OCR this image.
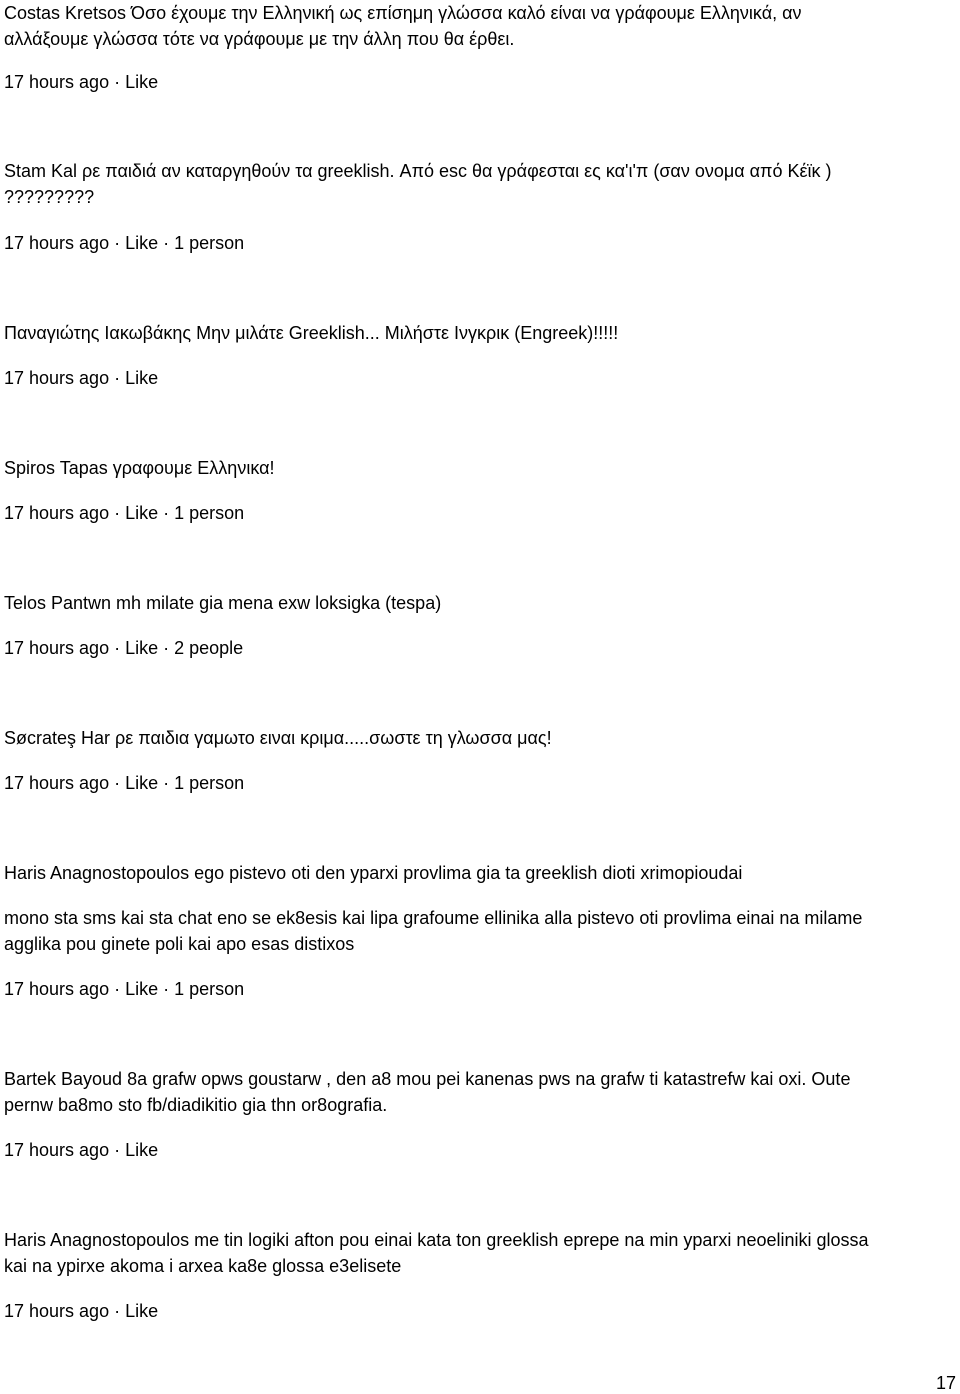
Costas Kretsos Όσο έχουμε την Ελληνική ως επίσημη γλώσσα καλό είναι να γράφουμε Ελληνικά, αν
αλλάξουμε γλώσσα τότε να γράφουμε με την άλλη που θα έρθει.
17 hours ago · Like
Stam Kal ρε παιδιά αν καταργηθούν τα greeklish. Από esc θα γράφεσται ες κα'ι'π (σαν ονομα από Κέϊκ )
?????????
17 hours ago · Like · 1 person
Παναγιώτης Ιακωβάκης Μην μιλάτε Greeklish... Μιλήστε Ινγκρικ (Engreek)!!!!!
17 hours ago · Like
Spiros Tapas γραφουμε Ελληνικα!
17 hours ago · Like · 1 person
Telos Pantwn mh milate gia mena exw loksigka (tespa)
17 hours ago · Like · 2 people
Søcrateş Har ρε παιδια γαμωτο ειναι κριμα.....σωστε τη γλωσσα μας!
17 hours ago · Like · 1 person
Haris Anagnostopoulos ego pistevo oti den yparxi provlima gia ta greeklish dioti xrimopioudai
mono sta sms kai sta chat eno se ek8esis kai lipa grafoume ellinika alla pistevo oti provlima einai na milame
agglika pou ginete poli kai apo esas distixos
17 hours ago · Like · 1 person
Bartek Bayoud 8a grafw opws goustarw , den a8 mou pei kanenas pws na grafw ti katastrefw kai oxi. Oute
pernw ba8mo sto fb/diadikitio gia thn or8ografia.
17 hours ago · Like
Haris Anagnostopoulos me tin logiki afton pou einai kata ton greeklish eprepe na min yparxi neoeliniki glossa
kai na ypirxe akoma i arxea ka8e glossa e3elisete
17 hours ago · Like
17
